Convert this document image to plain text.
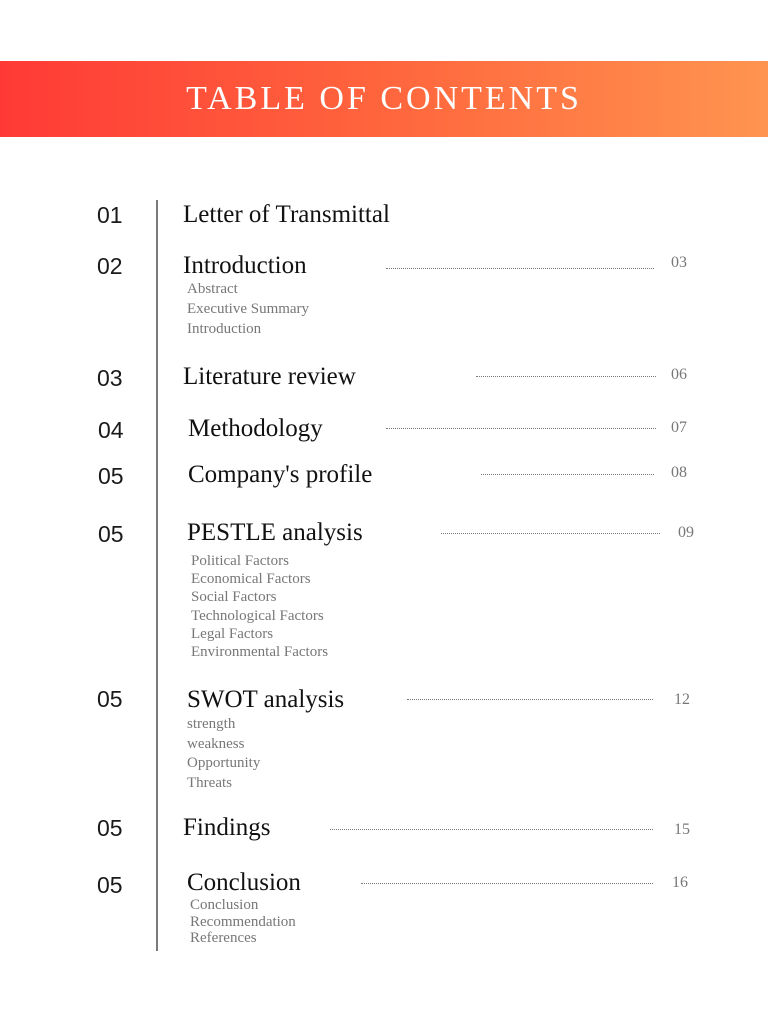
TABLE OF CONTENTS
01 Letter of Transmittal
02 Introduction	03
Abstract
Executive Summary
Introduction
03 Literature review	06
04	Methodology	07
05	Company's profile	08
05	PESTLE analysis	09
Political Factors
Economical Factors
Social Factors
Technological Factors
Legal Factors
Environmental Factors
05	SWOT analysis	12
strength
weakness
Opportunity
Threats
05 Findings	15
05	Conclusion	16
Conclusion
Recommendation
References
